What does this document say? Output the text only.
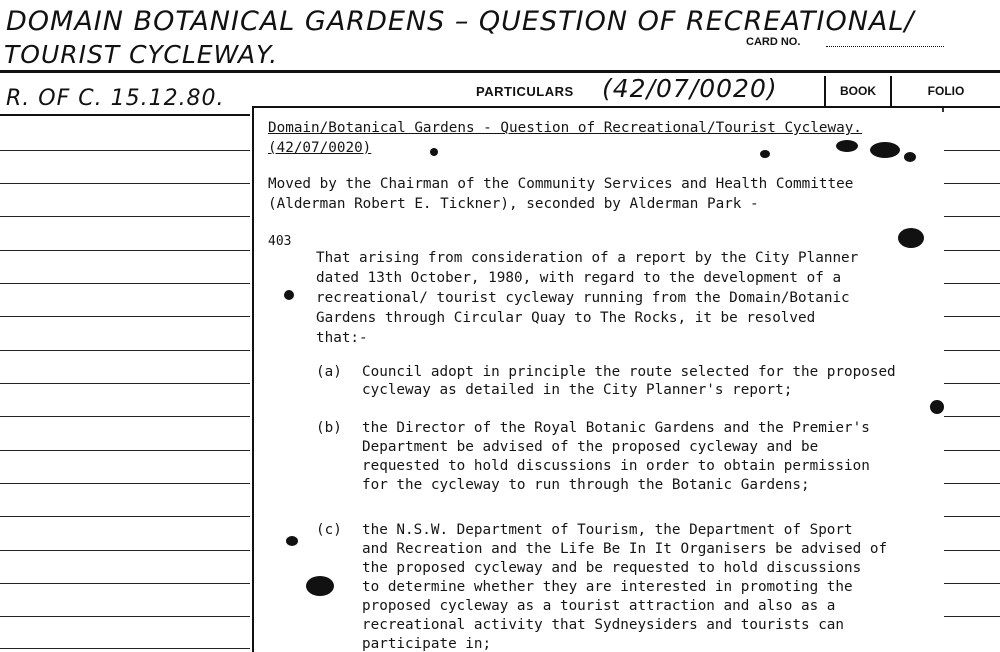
DOMAIN BOTANICAL GARDENS – QUESTION OF RECREATIONAL/
TOURIST CYCLEWAY.	CARD NO.
R. OF C. 15.12.80.	PARTICULARS (42/07/0020)	BOOK	FOLIO
Domain/Botanical Gardens - Question of Recreational/Tourist Cycleway.
(42/07/0020)
Moved by the Chairman of the Community Services and Health Committee
(Alderman Robert E. Tickner), seconded by Alderman Park -
403
That arising from consideration of a report by the City Planner
dated 13th October, 1980, with regard to the development of a
recreational/ tourist cycleway running from the Domain/Botanic
Gardens through Circular Quay to The Rocks, it be resolved
that:-
(a) Council adopt in principle the route selected for the proposed
cycleway as detailed in the City Planner's report;
(b) the Director of the Royal Botanic Gardens and the Premier's
Department be advised of the proposed cycleway and be
requested to hold discussions in order to obtain permission
for the cycleway to run through the Botanic Gardens;
(c) the N.S.W. Department of Tourism, the Department of Sport
and Recreation and the Life Be In It Organisers be advised of
the proposed cycleway and be requested to hold discussions
to determine whether they are interested in promoting the
proposed cycleway as a tourist attraction and also as a
recreational activity that Sydneysiders and tourists can
participate in;
